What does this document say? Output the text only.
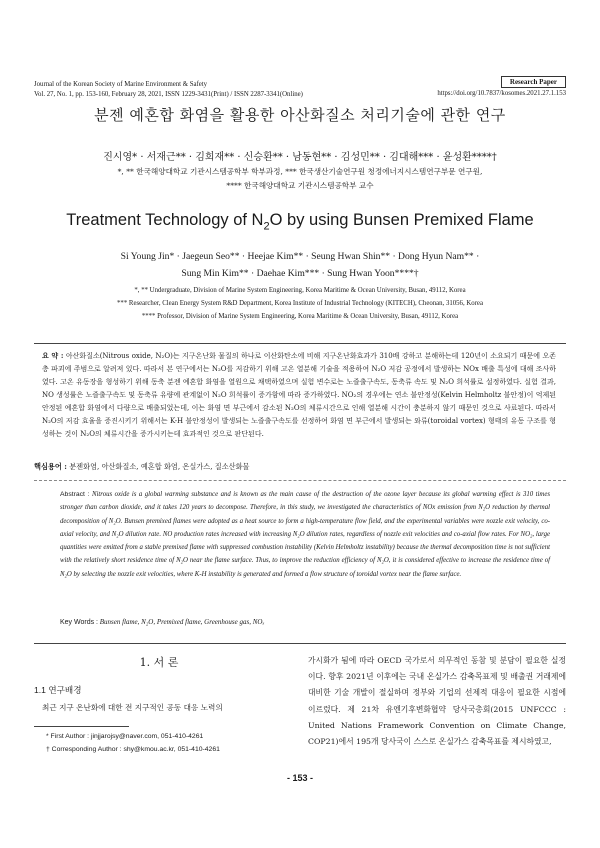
Journal of the Korean Society of Marine Environment & Safety
Vol. 27, No. 1, pp. 153-160, February 28, 2021, ISSN 1229-3431(Print) / ISSN 2287-3341(Online)
Research Paper
https://doi.org/10.7837/kosomes.2021.27.1.153
분젠 예혼합 화염을 활용한 아산화질소 처리기술에 관한 연구
진시영* · 서재근** · 김희재** · 신승환** · 남동현** · 김성민** · 김대해*** · 윤성환****†
*, ** 한국해양대학교 기관시스템공학부 학부과정, *** 한국생산기술연구원 청정에너지시스템연구부문 연구원,
**** 한국해양대학교 기관시스템공학부 교수
Treatment Technology of $N_2O$ by using Bunsen Premixed Flame
Si Young Jin* · Jaegeun Seo** · Heejae Kim** · Seung Hwan Shin** · Dong Hyun Nam** ·
Sung Min Kim** · Daehae Kim*** · Sung Hwan Yoon****†
*, ** Undergraduate, Division of Marine System Engineering, Korea Maritime & Ocean University, Busan, 49112, Korea
*** Researcher, Clean Energy System R&D Department, Korea Institute of Industrial Technology (KITECH), Cheonan, 31056, Korea
**** Professor, Division of Marine System Engineering, Korea Maritime & Ocean University, Busan, 49112, Korea
요 약 : 아산화질소(Nitrous oxide, N₂O)는 지구온난화 물질의 하나로 이산화탄소에 비해 지구온난화효과가 310배 강하고 분해하는데 120년이 소요되기 때문에 오존층 파괴에 주범으로 알려져 있다. 따라서 본 연구에서는 N₂O를 저감하기 위해 고온 열분해 기술을 적용하여 N₂O 저감 공정에서 발생하는 NOx 배출 특성에 대해 조사하였다. 고온 유동장을 형성하기 위해 동축 분젠 예혼합 화염을 열원으로 채택하였으며 실험 변수로는 노즐출구속도, 동축류 속도 및 N₂O 희석률로 설정하였다. 실험 결과, NO 생성률은 노즐출구속도 및 동축류 유량에 관계없이 N₂O 희석률이 증가함에 따라 증가하였다. NO₂의 경우에는 연소 불안정성(Kelvin Helmholtz 불안정)이 억제된 안정된 예혼합 화염에서 다량으로 배출되었는데, 이는 화염 면 부근에서 감소된 N₂O의 체류시간으로 인해 열분해 시간이 충분하지 않기 때문인 것으로 사료된다. 따라서 N₂O의 저감 효율을 증진시키기 위해서는 K-H 불안정성이 발생되는 노즐출구속도를 선정하여 화염 면 부근에서 발생되는 와류(toroidal vortex) 형태의 유동 구조를 형성하는 것이 N₂O의 체류시간을 증가시키는데 효과적인 것으로 판단된다.
핵심용어 : 분젠화염, 아산화질소, 예혼합 화염, 온실가스, 질소산화물
Abstract : Nitrous oxide is a global warming substance and is known as the main cause of the destruction of the ozone layer because its global warming effect is 310 times stronger than carbon dioxide, and it takes 120 years to decompose. Therefore, in this study, we investigated the characteristics of NOx emission from N₂O reduction by thermal decomposition of N₂O. Bunsen premixed flames were adopted as a heat source to form a high-temperature flow field, and the experimental variables were nozzle exit velocity, co-axial velocity, and N₂O dilution rate. NO production rates increased with increasing N₂O dilution rates, regardless of nozzle exit velocities and co-axial flow rates. For NO₂, large quantities were emitted from a stable premixed flame with suppressed combustion instability (Kelvin Helmholtz instability) because the thermal decomposition time is not sufficient with the relatively short residence time of N₂O near the flame surface. Thus, to improve the reduction efficiency of N₂O, it is considered effective to increase the residence time of N₂O by selecting the nozzle exit velocities, where K-H instability is generated and formed a flow structure of toroidal vortex near the flame surface.
Key Words : Bunsen flame, N₂O, Premixed flame, Greenhouse gas, NOₓ
1. 서 론
1.1 연구배경
최근 지구 온난화에 대한 전 지구적인 공동 대응 노력의
* First Author : jinjjarojsy@naver.com, 051-410-4261
† Corresponding Author : shy@kmou.ac.kr, 051-410-4261
가시화가 됨에 따라 OECD 국가로서 의무적인 동참 및 분담이 필요한 실정이다. 향후 2021년 이후에는 국내 온실가스 감축목표제 및 배출권 거래제에 대비한 기술 개발이 절실하며 정부와 기업의 선제적 대응이 필요한 시점에 이르렀다. 제 21차 유엔기후변화협약 당사국총회(2015 UNFCCC : United Nations Framework Convention on Climate Change, COP21)에서 195개 당사국이 스스로 온실가스 감축목표를 제시하였고,
- 153 -
